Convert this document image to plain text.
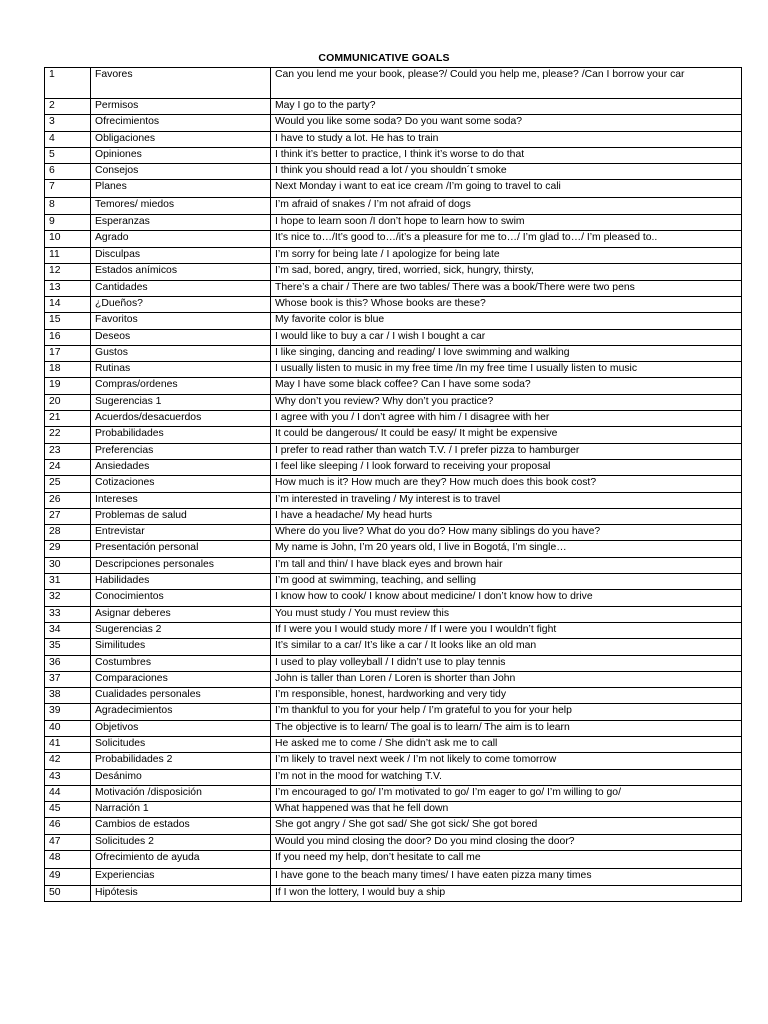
COMMUNICATIVE GOALS
1	Favores	Can you lend me your book, please?/ Could you help me, please? /Can I borrow your car
2	Permisos	May I go to the party?
3	Ofrecimientos	Would you like some soda? Do you want some soda?
4	Obligaciones	I have to study a lot. He has to train
5	Opiniones	I think it’s better to practice, I think it’s worse to do that
6	Consejos	I think you should read a lot / you shouldn´t smoke
7	Planes	Next Monday i want to eat ice cream /I’m going to travel to cali
8	Temores/ miedos	I’m afraid of snakes / I’m not afraid of dogs
9	Esperanzas	I hope to learn soon /I don’t hope to learn how to swim
10	Agrado	It’s nice to…/It’s good to…/it’s a pleasure for me to…/ I’m glad to…/ I’m pleased to..
11	Disculpas	I’m sorry for being late / I apologize for being late
12	Estados anímicos	I’m sad, bored, angry, tired, worried, sick, hungry, thirsty,
13	Cantidades	There’s a chair / There are two tables/ There was a book/There were two pens
14	¿Dueños?	Whose book is this? Whose books are these?
15	Favoritos	My favorite color is blue
16	Deseos	I would like to buy a car / I wish I bought a car
17	Gustos	I like singing, dancing and reading/ I love swimming and walking
18	Rutinas	I usually listen to music in my free time /In my free time I usually listen to music
19	Compras/ordenes	May I have some black coffee? Can I have some soda?
20	Sugerencias 1	Why don’t you review? Why don’t you practice?
21	Acuerdos/desacuerdos	I agree with you / I don’t agree with him / I disagree with her
22	Probabilidades	It could be dangerous/ It could be easy/ It might be expensive
23	Preferencias	I prefer to read rather than watch T.V. / I prefer pizza to hamburger
24	Ansiedades	I feel like sleeping / I look forward to receiving your proposal
25	Cotizaciones	How much is it? How much are they? How much does this book cost?
26	Intereses	I’m interested in traveling / My interest is to travel
27	Problemas de salud	I have a headache/ My head hurts
28	Entrevistar	Where do you live? What do you do? How many siblings do you have?
29	Presentación personal	My name is John, I’m 20 years old, I live in Bogotá, I’m single…
30	Descripciones personales	I’m tall and thin/ I have black eyes and brown hair
31	Habilidades	I’m good at swimming, teaching, and selling
32	Conocimientos	I know how to cook/ I know about medicine/ I don’t know how to drive
33	Asignar deberes	You must study / You must review this
34	Sugerencias 2	If I were you I would study more / If I were you I wouldn’t fight
35	Similitudes	It’s similar to a car/ It’s like a car / It looks like an old man
36	Costumbres	I used to play volleyball / I didn’t use to play tennis
37	Comparaciones	John is taller than Loren / Loren is shorter than John
38	Cualidades personales	I’m responsible, honest, hardworking and very tidy
39	Agradecimientos	I’m thankful to you for your help / I’m grateful to you for your help
40	Objetivos	The objective is to learn/ The goal is to learn/ The aim is to learn
41	Solicitudes	He asked me to come / She didn’t ask me to call
42	Probabilidades 2	I’m likely to travel next week / I’m not likely to come tomorrow
43	Desánimo	I’m not in the mood for watching T.V.
44	Motivación /disposición	I’m encouraged to go/ I’m motivated to go/ I’m eager to go/ I’m willing to go/
45	Narración 1	What happened was that he fell down
46	Cambios de estados	She got angry / She got sad/ She got sick/ She got bored
47	Solicitudes 2	Would you mind closing the door? Do you mind closing the door?
48	Ofrecimiento de ayuda	If you need my help, don’t hesitate to call me
49	Experiencias	I have gone to the beach many times/ I have eaten pizza many times
50	Hipótesis	If I won the lottery, I would buy a ship
